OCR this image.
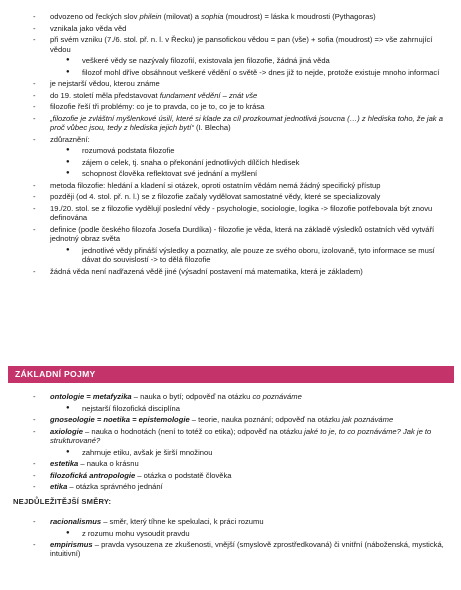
- odvozeno od řeckých slov philein (milovat) a sophia (moudrost) = láska k moudrosti (Pythagoras)
- vznikala jako věda věd
- při svém vzniku (7./6. stol. př. n. l. v Řecku) je pansofickou vědou = pan (vše) + sofia (moudrost) => vše zahrnující vědou
● veškeré vědy se nazývaly filozofií, existovala jen filozofie, žádná jiná věda
● filozof mohl dříve obsáhnout veškeré vědění o světě -> dnes již to nejde, protože existuje mnoho informací
- je nejstarší vědou, kterou známe
- do 19. století měla představovat fundament vědění – znát vše
- filozofie řeší tři problémy: co je to pravda, co je to, co je to krása
- „filozofie je zvláštní myšlenkové úsilí, které si klade za cíl prozkoumat jednotlivá jsoucna (…) z hlediska toho, že jak a proč vůbec jsou, tedy z hlediska jejich bytí“ (I. Blecha)
- zdůraznění:
● rozumová podstata filozofie
● zájem o celek, tj. snaha o překonání jednotlivých dílčích hledisek
● schopnost člověka reflektovat své jednání a myšlení
- metoda filozofie: hledání a kladení si otázek, oproti ostatním vědám nemá žádný specifický přístup
- později (od 4. stol. př. n. l.) se z filozofie začaly vydělovat samostatné vědy, které se specializovaly
- 19./20. stol. se z filozofie vydělují poslední vědy - psychologie, sociologie, logika -> filozofie potřebovala být znovu definována
- definice (podle českého filozofa Josefa Durdíka) - filozofie je věda, která na základě výsledků ostatních věd vytváří jednotný obraz světa
● jednotlivé vědy přináší výsledky a poznatky, ale pouze ze svého oboru, izolovaně, tyto informace se musí dávat do souvislostí -> to dělá filozofie
- žádná věda není nadřazená vědě jiné (výsadní postavení má matematika, která je základem)
ZÁKLADNÍ POJMY
- ontologie = metafyzika – nauka o bytí; odpověď na otázku co poznáváme
● nejstarší filozofická disciplína
- gnoseologie = noetika = epistemologie – teorie, nauka poznání; odpověď na otázku jak poznáváme
- axiologie – nauka o hodnotách (není to totéž co etika); odpověď na otázku jaké to je, to co poznáváme? Jak je to strukturované?
● zahrnuje etiku, avšak je širší množinou
- estetika – nauka o krásnu
- filozofická antropologie – otázka o podstatě člověka
- etika – otázka správného jednání
NEJDŮLEŽITĚJŠÍ SMĚRY:
- racionalismus – směr, který tíhne ke spekulaci, k práci rozumu
● z rozumu mohu vysoudit pravdu
- empirismus – pravda vysouzena ze zkušenosti, vnější (smyslově zprostředkovaná) či vnitřní (náboženská, mystická, intuitivní)
